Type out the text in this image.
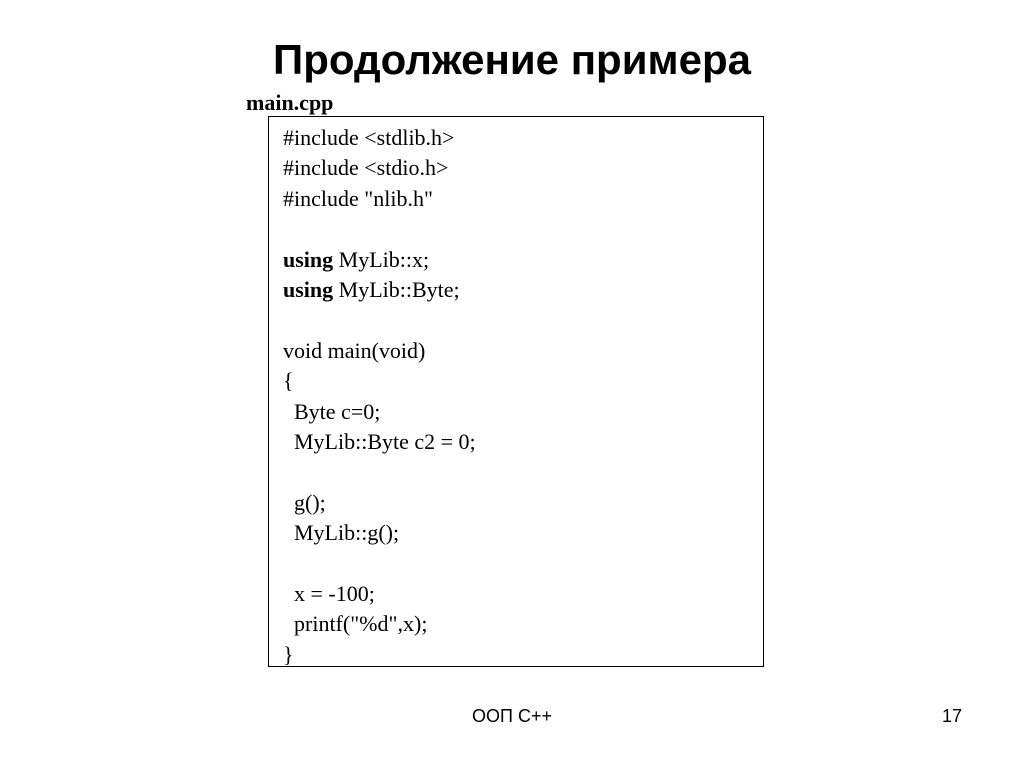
Продолжение примера
main.cpp
#include <stdlib.h>
#include <stdio.h>
#include "nlib.h"
using MyLib::x;
using MyLib::Byte;
void main(void)
{
Byte c=0;
MyLib::Byte c2 = 0;
g();
MyLib::g();
x = -100;
printf("%d",x);
}
ООП C++	17
